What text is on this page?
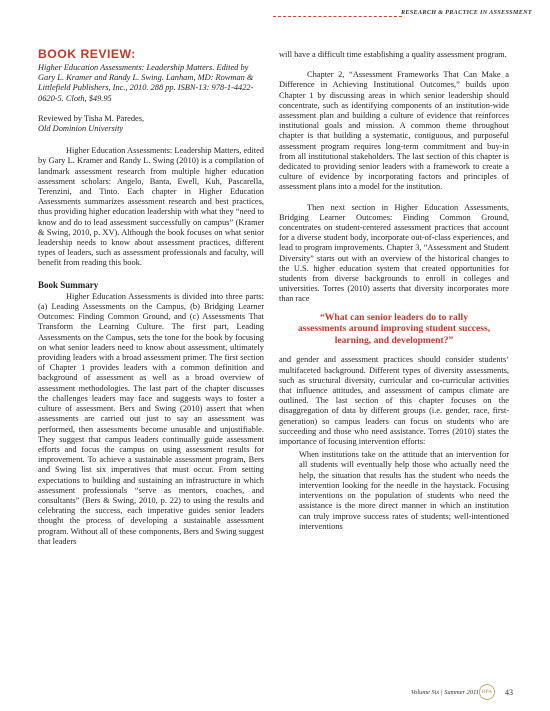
RESEARCH & PRACTICE IN ASSESSMENT

BOOK REVIEW:

Higher Education Assessments: Leadership Matters. Edited by Gary L. Kramer and Randy L. Swing. Lanham, MD: Rowman & Littlefield Publishers, Inc., 2010. 288 pp. ISBN-13: 978-1-4422-0620-5. Cloth, $49.95

Reviewed by Tisha M. Paredes,

Old Dominion University

Higher Education Assessments: Leadership Matters, edited by Gary L. Kramer and Randy L. Swing (2010) is a compilation of landmark assessment research from multiple higher education assessment scholars: Angelo, Banta, Ewell, Kuh, Pascarella, Terenzini, and Tinto. Each chapter in Higher Education Assessments summarizes assessment research and best practices, thus providing higher education leadership with what they “need to know and do to lead assessment successfully on campus” (Kramer & Swing, 2010, p. XV). Although the book focuses on what senior leadership needs to know about assessment practices, different types of leaders, such as assessment professionals and faculty, will benefit from reading this book.

Book Summary

Higher Education Assessments is divided into three parts: (a) Leading Assessments on the Campus, (b) Bridging Learner Outcomes: Finding Common Ground, and (c) Assessments That Transform the Learning Culture. The first part, Leading Assessments on the Campus, sets the tone for the book by focusing on what senior leaders need to know about assessment, ultimately providing leaders with a broad assessment primer. The first section of Chapter 1 provides leaders with a common definition and background of assessment as well as a broad overview of assessment methodologies. The last part of the chapter discusses the challenges leaders may face and suggests ways to foster a culture of assessment. Bers and Swing (2010) assert that when assessments are carried out just to say an assessment was performed, then assessments become unusable and unjustifiable. They suggest that campus leaders continually guide assessment efforts and focus the campus on using assessment results for improvement. To achieve a sustainable assessment program, Bers and Swing list six imperatives that must occur. From setting expectations to building and sustaining an infrastructure in which assessment professionals “serve as mentors, coaches, and consultants” (Bers & Swing, 2010, p. 22) to using the results and celebrating the success, each imperative guides senior leaders thought the process of developing a sustainable assessment program. Without all of these components, Bers and Swing suggest that leaders

will have a difficult time establishing a quality assessment program.

Chapter 2, “Assessment Frameworks That Can Make a Difference in Achieving Institutional Outcomes,” builds upon Chapter 1 by discussing areas in which senior leadership should concentrate, such as identifying components of an institution-wide assessment plan and building a culture of evidence that reinforces institutional goals and mission. A common theme throughout chapter is that building a systematic, contiguous, and purposeful assessment program requires long-term commitment and buy-in from all institutional stakeholders. The last section of this chapter is dedicated to providing senior leaders with a framework to create a culture of evidence by incorporating factors and principles of assessment plans into a model for the institution.

Then next section in Higher Education Assessments, Bridging Learner Outcomes: Finding Common Ground, concentrates on student-centered assessment practices that account for a diverse student body, incorporate out-of-class experiences, and lead to program improvements. Chapter 3, “Assessment and Student Diversity” starts out with an overview of the historical changes to the U.S. higher education system that created opportunities for students from diverse backgrounds to enroll in colleges and universities. Torres (2010) asserts that diversity incorporates more than race

“What can senior leaders do to rally assessments around improving student success, learning, and development?”

and gender and assessment practices should consider students’ multifaceted background. Different types of diversity assessments, such as structural diversity, curricular and co-curricular activities that influence attitudes, and assessment of campus climate are outlined. The last section of this chapter focuses on the disaggregation of data by different groups (i.e. gender, race, first-generation) so campus leaders can focus on students who are succeeding and those who need assistance. Torres (2010) states the importance of focusing intervention efforts:

When institutions take on the attitude that an intervention for all students will eventually help those who actually need the help, the situation that results has the student who needs the intervention looking for the needle in the haystack. Focusing interventions on the population of students who need the assistance is the more direct manner in which an institution can truly improve success rates of students; well-intentioned interventions

Volume Six | Summer 2011 RPA	43
